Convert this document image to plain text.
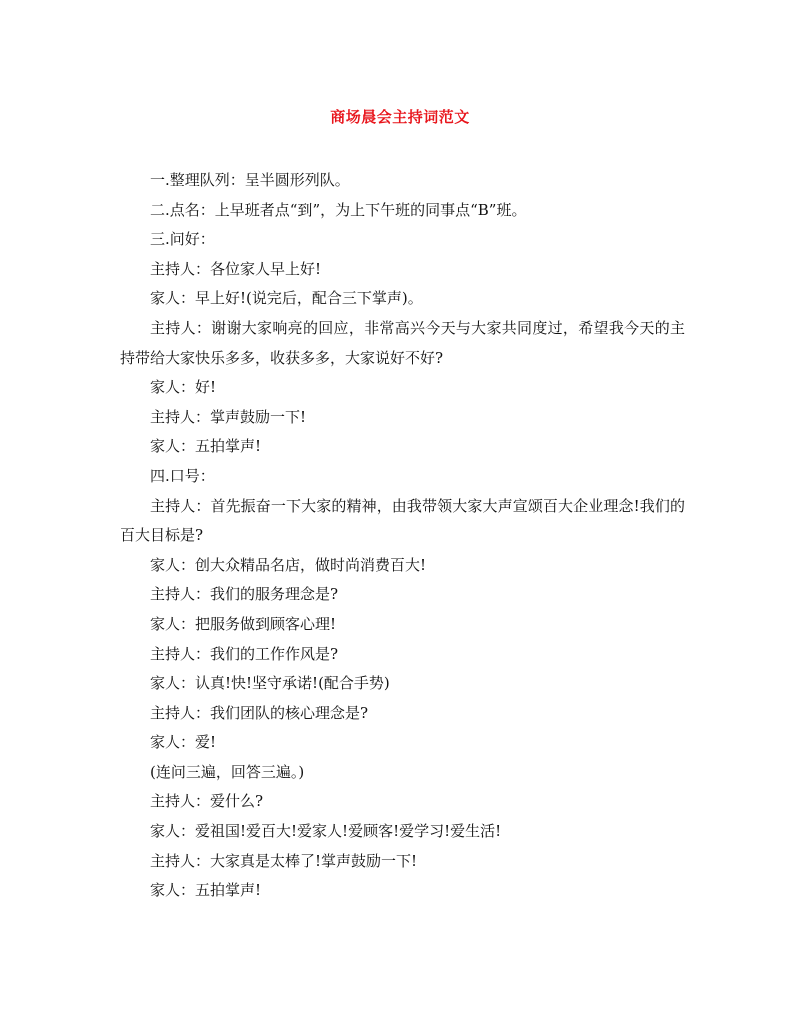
商场晨会主持词范文

一.整理队列：呈半圆形列队。

二.点名：上早班者点“到”，为上下午班的同事点“B”班。

三.问好：

主持人：各位家人早上好!

家人：早上好!(说完后，配合三下掌声)。

主持人：谢谢大家响亮的回应，非常高兴今天与大家共同度过，希望我今天的主持带给大家快乐多多，收获多多，大家说好不好?

家人：好!

主持人：掌声鼓励一下!

家人：五拍掌声!

四.口号：

主持人：首先振奋一下大家的精神，由我带领大家大声宣颂百大企业理念!我们的百大目标是?

家人：创大众精品名店，做时尚消费百大!

主持人：我们的服务理念是?

家人：把服务做到顾客心理!

主持人：我们的工作作风是?

家人：认真!快!坚守承诺!(配合手势)

主持人：我们团队的核心理念是?

家人：爱!

(连问三遍，回答三遍。)

主持人：爱什么?

家人：爱祖国!爱百大!爱家人!爱顾客!爱学习!爱生活!

主持人：大家真是太棒了!掌声鼓励一下!

家人：五拍掌声!
